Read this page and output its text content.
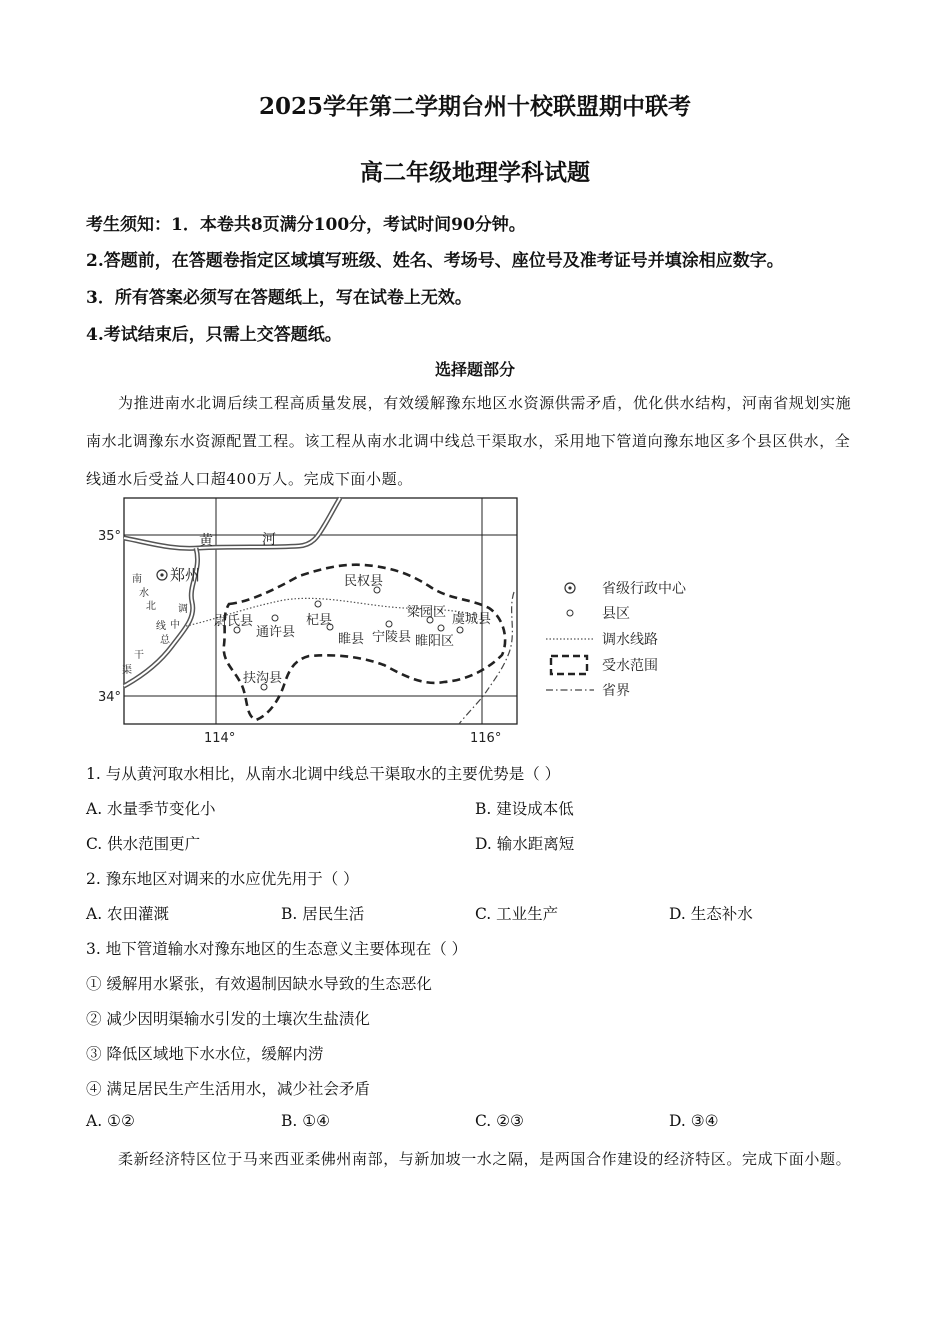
2025学年第二学期台州十校联盟期中联考
高二年级地理学科试题
考生须知：1．本卷共8页满分100分，考试时间90分钟。
2.答题前，在答题卷指定区域填写班级、姓名、考场号、座位号及准考证号并填涂相应数字。
3．所有答案必须写在答题纸上，写在试卷上无效。
4.考试结束后，只需上交答题纸。
选择题部分
为推进南水北调后续工程高质量发展，有效缓解豫东地区水资源供需矛盾，优化供水结构，河南省规划实施南水北调豫东水资源配置工程。该工程从南水北调中线总干渠取水，采用地下管道向豫东地区多个县区供水，全线通水后受益人口超400万人。完成下面小题。
35°
34°
114°	116°
黄	河
南
水
北 调
中
线
总
干
渠
郑州	民权县
尉氏县
通许县
杞县
梁园区 虞城县
睢县 宁陵县 睢阳区
扶沟县
省级行政中心
县区
调水线路
受水范围
省界
1. 与从黄河取水相比，从南水北调中线总干渠取水的主要优势是（ ）
A. 水量季节变化小	B. 建设成本低
C. 供水范围更广	D. 输水距离短
2. 豫东地区对调来的水应优先用于（ ）
A. 农田灌溉	B. 居民生活	C. 工业生产	D. 生态补水
3. 地下管道输水对豫东地区的生态意义主要体现在（ ）
① 缓解用水紧张，有效遏制因缺水导致的生态恶化
② 减少因明渠输水引发的土壤次生盐渍化
③ 降低区域地下水水位，缓解内涝
④ 满足居民生产生活用水，减少社会矛盾
A. ①②	B. ①④	C. ②③	D. ③④
柔新经济特区位于马来西亚柔佛州南部，与新加坡一水之隔，是两国合作建设的经济特区。完成下面小题。
